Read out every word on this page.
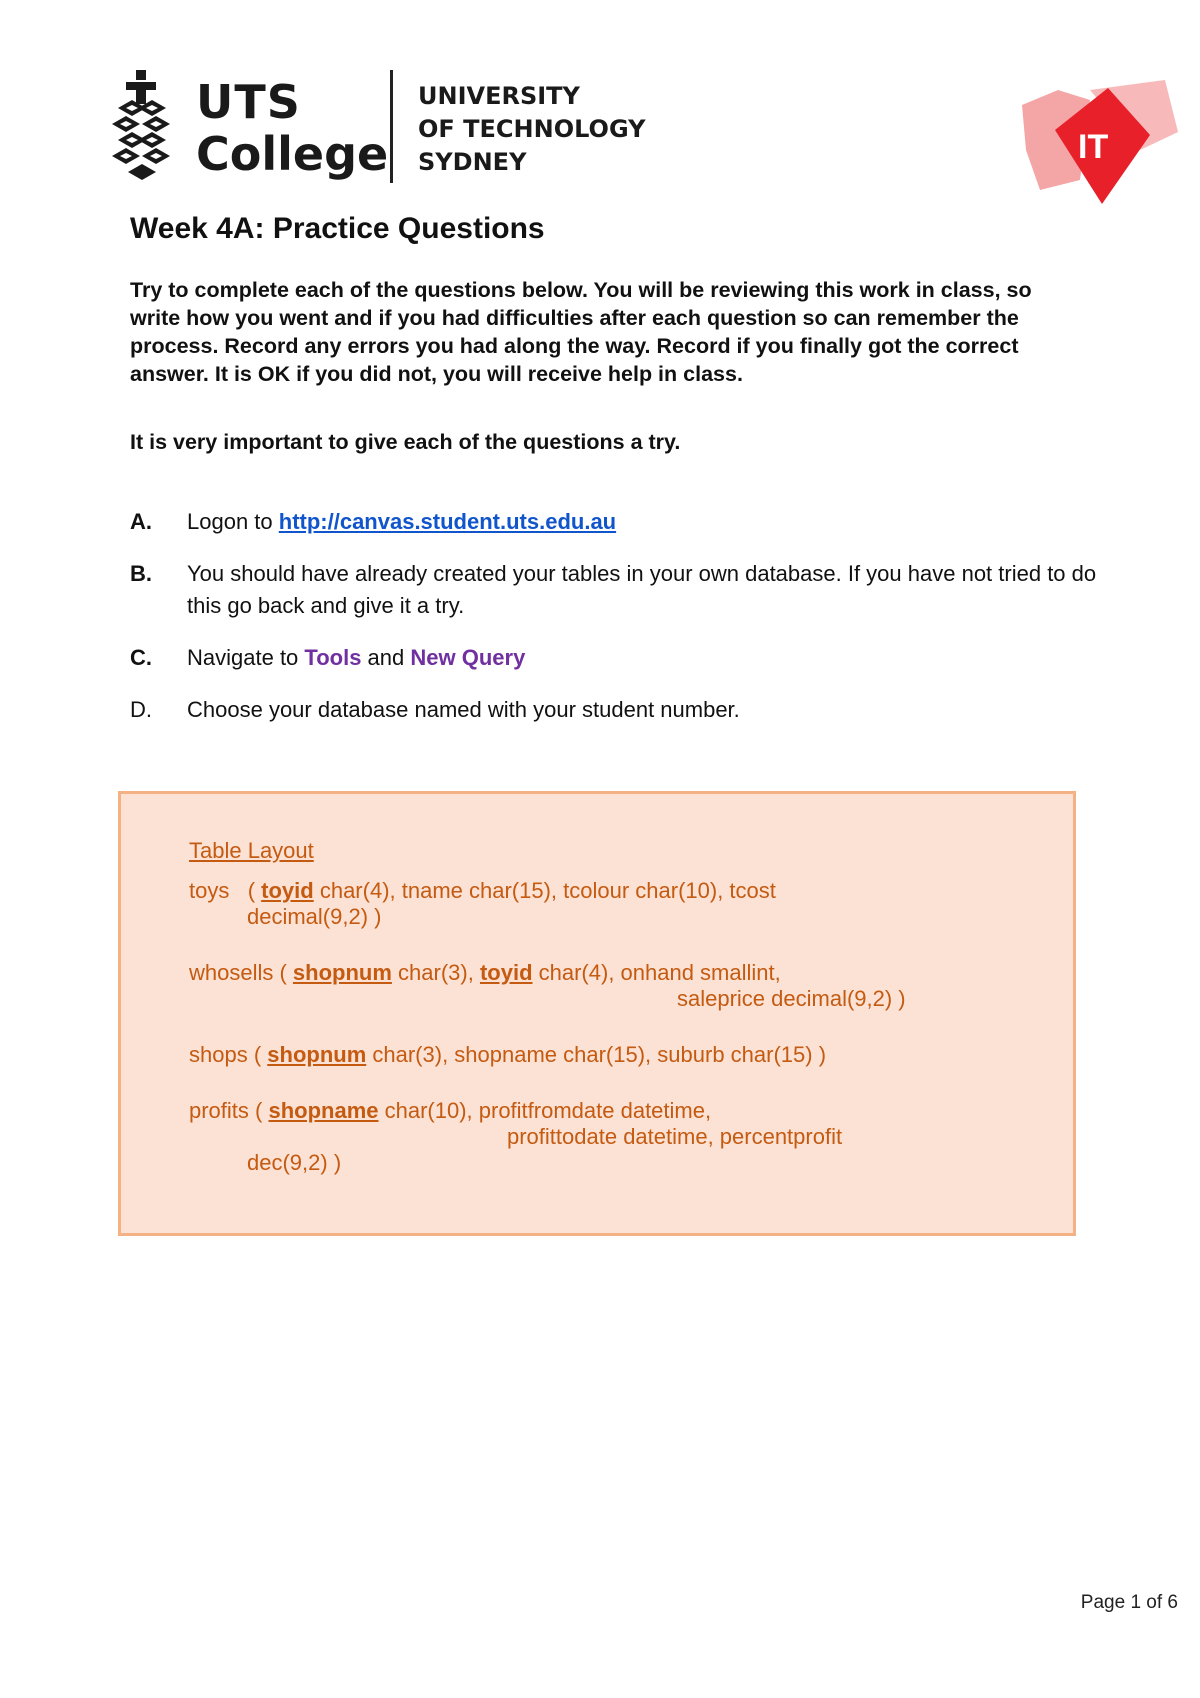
UTS
College
UNIVERSITY
OF TECHNOLOGY
SYDNEY	IT
Week 4A: Practice Questions

Try to complete each of the questions below. You will be reviewing this work in class, so write how you went and if you had difficulties after each question so can remember the process. Record any errors you had along the way. Record if you finally got the correct answer. It is OK if you did not, you will receive help in class.

It is very important to give each of the questions a try.

A. Logon to http://canvas.student.uts.edu.au
B. You should have already created your tables in your own database. If you have not tried to do this go back and give it a try.
C. Navigate to Tools and New Query
D. Choose your database named with your student number.
Table Layout
toys ( toyid char(4), tname char(15), tcolour char(10), tcost
decimal(9,2) )
whosells ( shopnum char(3), toyid char(4), onhand smallint,
saleprice decimal(9,2) )
shops ( shopnum char(3), shopname char(15), suburb char(15) )
profits ( shopname char(10), profitfromdate datetime,
profittodate datetime, percentprofit
dec(9,2) )
Page 1 of 6
